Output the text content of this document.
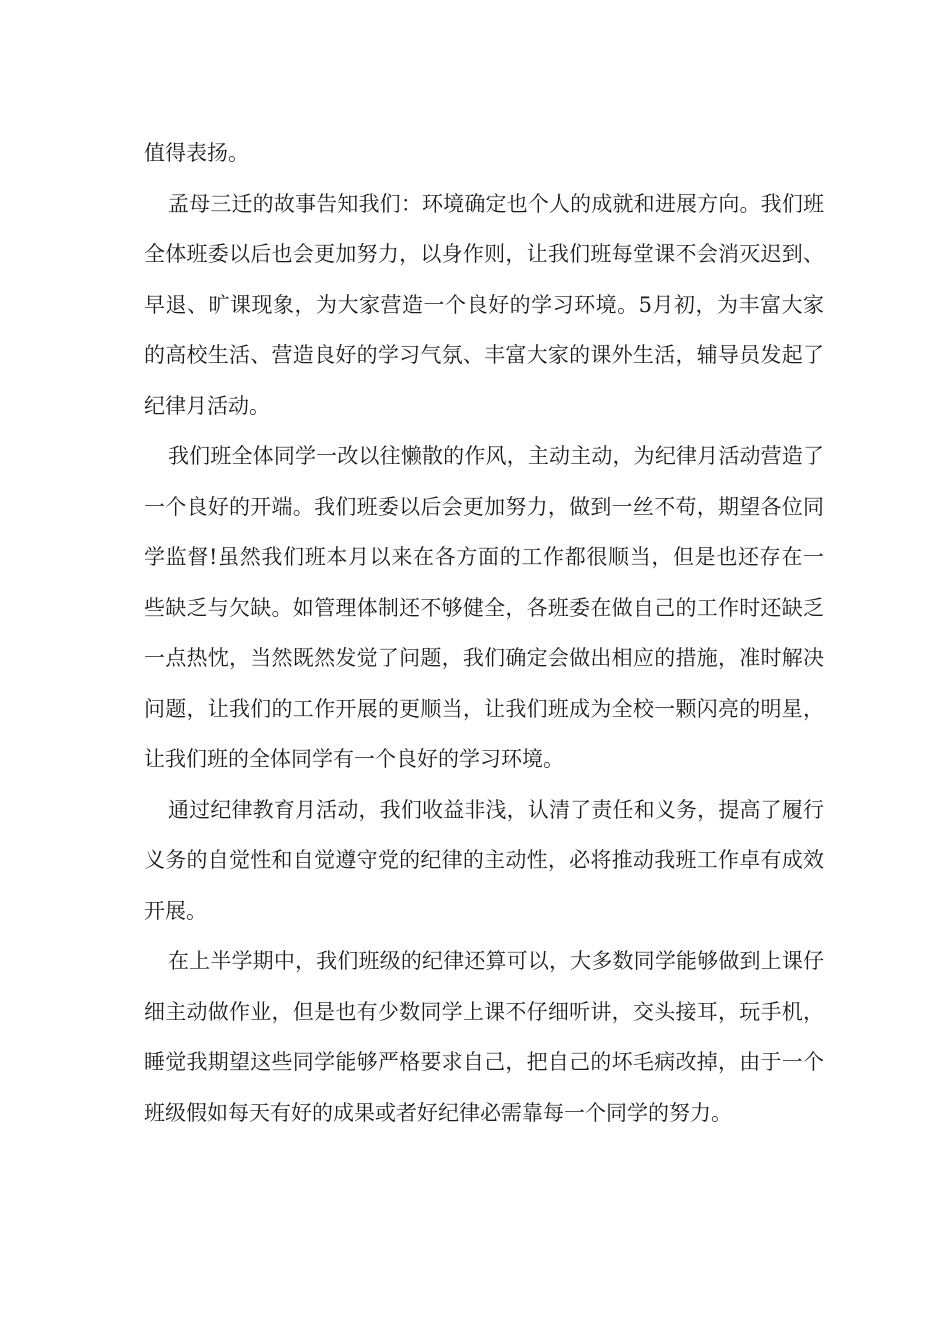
值得表扬。

孟母三迁的故事告知我们：环境确定也个人的成就和进展方向。我们班全体班委以后也会更加努力，以身作则，让我们班每堂课不会消灭迟到、早退、旷课现象，为大家营造一个良好的学习环境。5月初，为丰富大家的高校生活、营造良好的学习气氛、丰富大家的课外生活，辅导员发起了纪律月活动。

我们班全体同学一改以往懒散的作风，主动主动，为纪律月活动营造了一个良好的开端。我们班委以后会更加努力，做到一丝不苟，期望各位同学监督!虽然我们班本月以来在各方面的工作都很顺当，但是也还存在一些缺乏与欠缺。如管理体制还不够健全，各班委在做自己的工作时还缺乏一点热忱，当然既然发觉了问题，我们确定会做出相应的措施，准时解决问题，让我们的工作开展的更顺当，让我们班成为全校一颗闪亮的明星，让我们班的全体同学有一个良好的学习环境。

通过纪律教育月活动，我们收益非浅，认清了责任和义务，提高了履行义务的自觉性和自觉遵守党的纪律的主动性，必将推动我班工作卓有成效开展。

在上半学期中，我们班级的纪律还算可以，大多数同学能够做到上课仔细主动做作业，但是也有少数同学上课不仔细听讲，交头接耳，玩手机，睡觉我期望这些同学能够严格要求自己，把自己的坏毛病改掉，由于一个班级假如每天有好的成果或者好纪律必需靠每一个同学的努力。
